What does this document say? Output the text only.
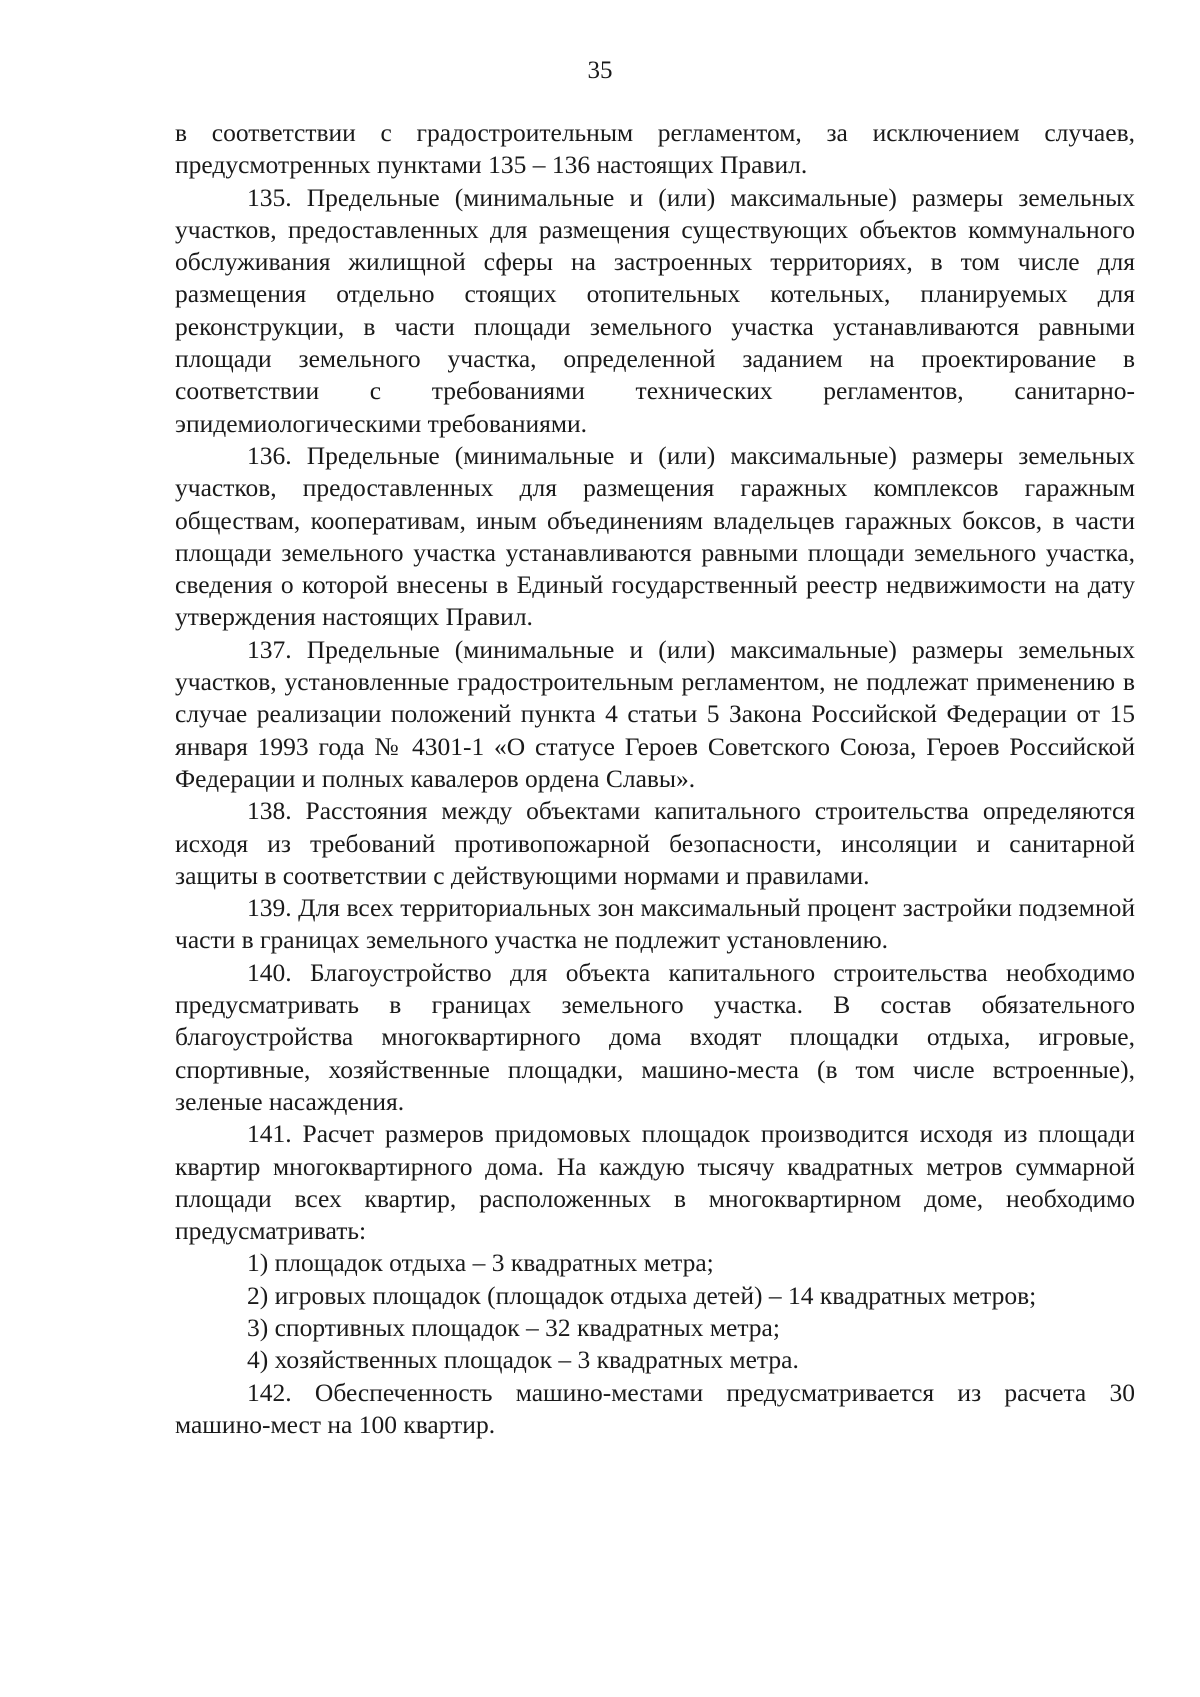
35

в соответствии с градостроительным регламентом, за исключением случаев, предусмотренных пунктами 135 – 136 настоящих Правил.

135. Предельные (минимальные и (или) максимальные) размеры земельных участков, предоставленных для размещения существующих объектов коммунального обслуживания жилищной сферы на застроенных территориях, в том числе для размещения отдельно стоящих отопительных котельных, планируемых для реконструкции, в части площади земельного участка устанавливаются равными площади земельного участка, определенной заданием на проектирование в соответствии с требованиями технических регламентов, санитарно-эпидемиологическими требованиями.

136. Предельные (минимальные и (или) максимальные) размеры земельных участков, предоставленных для размещения гаражных комплексов гаражным обществам, кооперативам, иным объединениям владельцев гаражных боксов, в части площади земельного участка устанавливаются равными площади земельного участка, сведения о которой внесены в Единый государственный реестр недвижимости на дату утверждения настоящих Правил.

137. Предельные (минимальные и (или) максимальные) размеры земельных участков, установленные градостроительным регламентом, не подлежат применению в случае реализации положений пункта 4 статьи 5 Закона Российской Федерации от 15 января 1993 года № 4301-1 «О статусе Героев Советского Союза, Героев Российской Федерации и полных кавалеров ордена Славы».

138. Расстояния между объектами капитального строительства определяются исходя из требований противопожарной безопасности, инсоляции и санитарной защиты в соответствии с действующими нормами и правилами.

139. Для всех территориальных зон максимальный процент застройки подземной части в границах земельного участка не подлежит установлению.

140. Благоустройство для объекта капитального строительства необходимо предусматривать в границах земельного участка. В состав обязательного благоустройства многоквартирного дома входят площадки отдыха, игровые, спортивные, хозяйственные площадки, машино-места (в том числе встроенные), зеленые насаждения.

141. Расчет размеров придомовых площадок производится исходя из площади квартир многоквартирного дома. На каждую тысячу квадратных метров суммарной площади всех квартир, расположенных в многоквартирном доме, необходимо предусматривать:

1) площадок отдыха – 3 квадратных метра;

2) игровых площадок (площадок отдыха детей) – 14 квадратных метров;

3) спортивных площадок – 32 квадратных метра;

4) хозяйственных площадок – 3 квадратных метра.

142. Обеспеченность машино-местами предусматривается из расчета 30 машино-мест на 100 квартир.
